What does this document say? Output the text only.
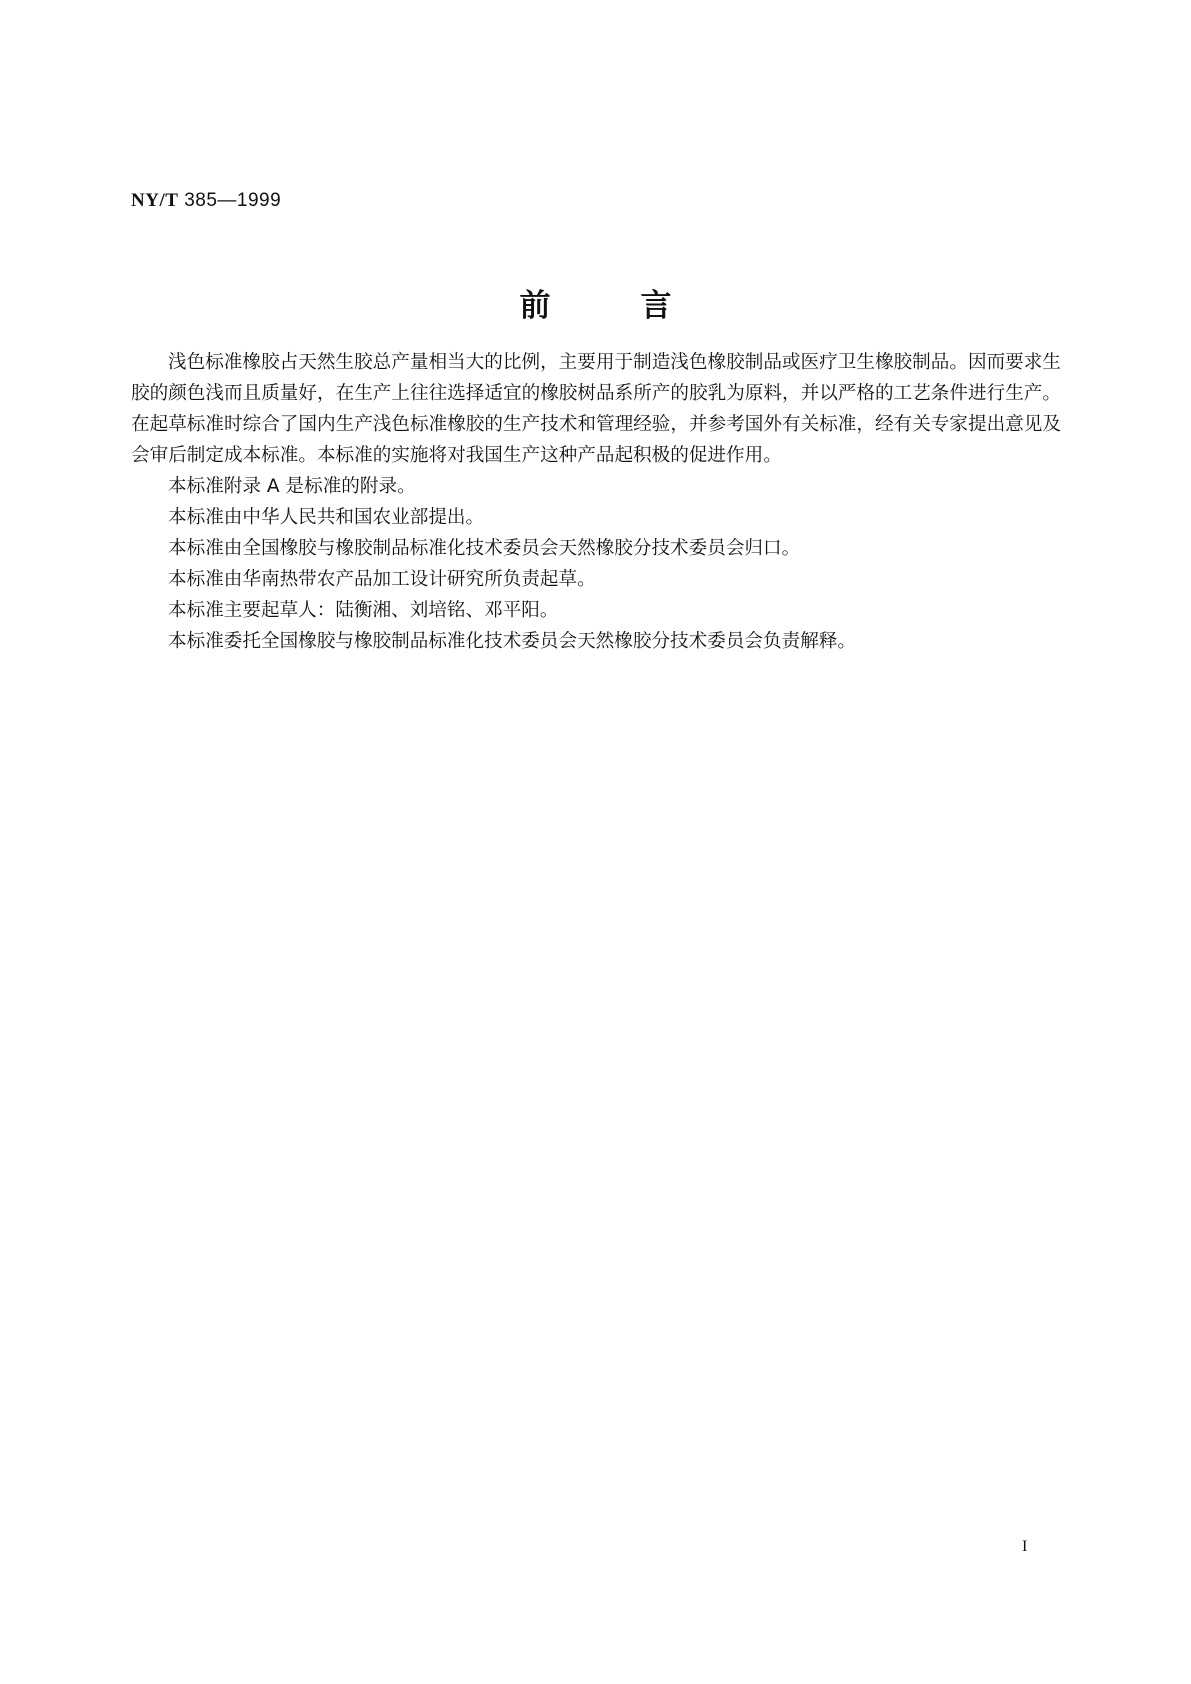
NY/T 385—1999
前言

浅色标准橡胶占天然生胶总产量相当大的比例，主要用于制造浅色橡胶制品或医疗卫生橡胶制品。因而要求生胶的颜色浅而且质量好，在生产上往往选择适宜的橡胶树品系所产的胶乳为原料，并以严格的工艺条件进行生产。在起草标准时综合了国内生产浅色标准橡胶的生产技术和管理经验，并参考国外有关标准，经有关专家提出意见及会审后制定成本标准。本标准的实施将对我国生产这种产品起积极的促进作用。

本标准附录 A 是标准的附录。

本标准由中华人民共和国农业部提出。

本标准由全国橡胶与橡胶制品标准化技术委员会天然橡胶分技术委员会归口。

本标准由华南热带农产品加工设计研究所负责起草。

本标准主要起草人：陆衡湘、刘培铭、邓平阳。

本标准委托全国橡胶与橡胶制品标准化技术委员会天然橡胶分技术委员会负责解释。

I
